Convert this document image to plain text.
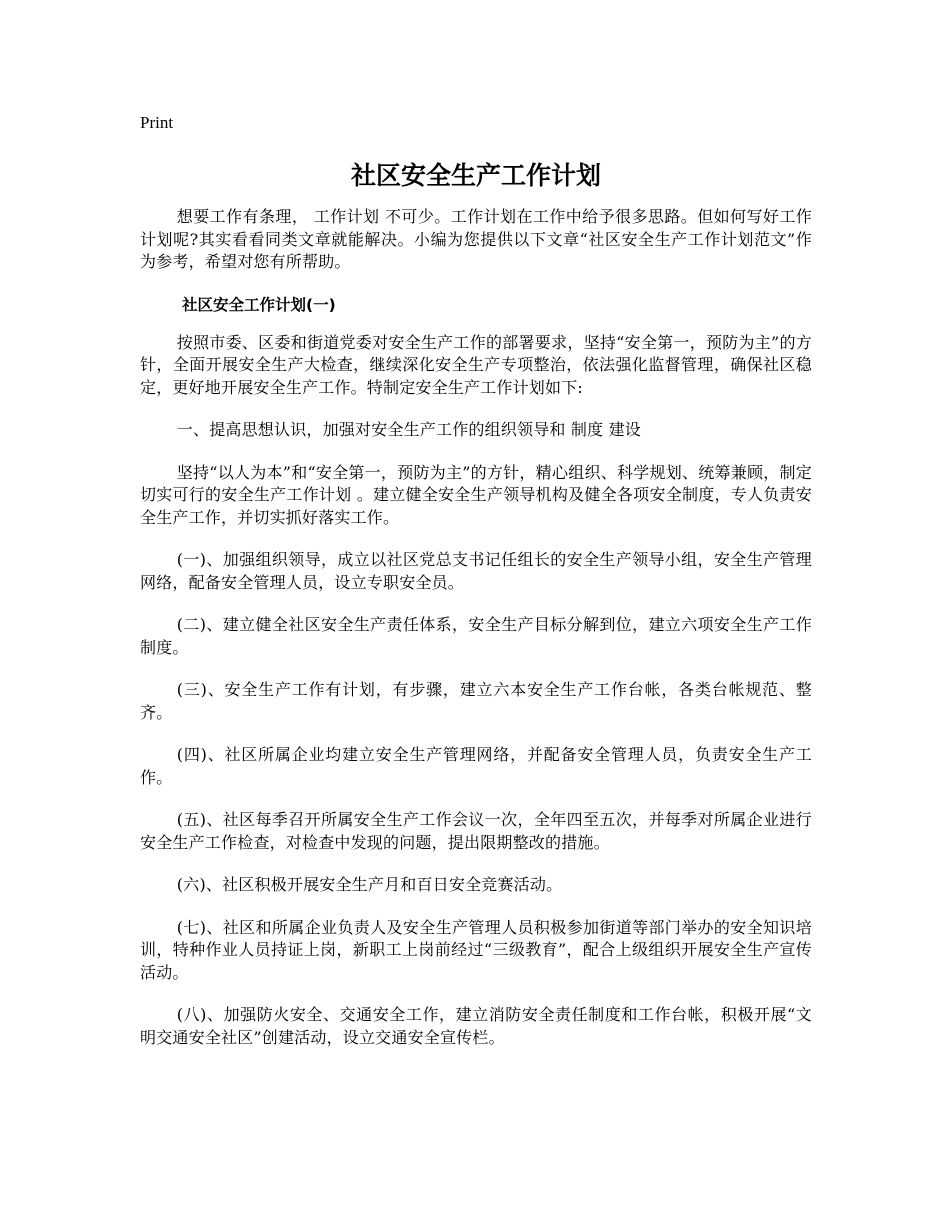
Print

社区安全生产工作计划

想要工作有条理， 工作计划 不可少。工作计划在工作中给予很多思路。但如何写好工作计划呢?其实看看同类文章就能解决。小编为您提供以下文章“社区安全生产工作计划范文”作为参考，希望对您有所帮助。

社区安全工作计划(一)

按照市委、区委和街道党委对安全生产工作的部署要求，坚持“安全第一，预防为主”的方针，全面开展安全生产大检查，继续深化安全生产专项整治，依法强化监督管理，确保社区稳定，更好地开展安全生产工作。特制定安全生产工作计划如下:

一、提高思想认识，加强对安全生产工作的组织领导和 制度 建设

坚持“以人为本”和“安全第一，预防为主”的方针，精心组织、科学规划、统筹兼顾，制定切实可行的安全生产工作计划 。建立健全安全生产领导机构及健全各项安全制度，专人负责安全生产工作，并切实抓好落实工作。

(一)、加强组织领导，成立以社区党总支书记任组长的安全生产领导小组，安全生产管理网络，配备安全管理人员，设立专职安全员。

(二)、建立健全社区安全生产责任体系，安全生产目标分解到位，建立六项安全生产工作制度。

(三)、安全生产工作有计划，有步骤，建立六本安全生产工作台帐，各类台帐规范、整齐。

(四)、社区所属企业均建立安全生产管理网络，并配备安全管理人员，负责安全生产工作。

(五)、社区每季召开所属安全生产工作会议一次，全年四至五次，并每季对所属企业进行安全生产工作检查，对检查中发现的问题，提出限期整改的措施。

(六)、社区积极开展安全生产月和百日安全竞赛活动。

(七)、社区和所属企业负责人及安全生产管理人员积极参加街道等部门举办的安全知识培训，特种作业人员持证上岗，新职工上岗前经过“三级教育”，配合上级组织开展安全生产宣传活动。

(八)、加强防火安全、交通安全工作，建立消防安全责任制度和工作台帐，积极开展“文明交通安全社区”创建活动，设立交通安全宣传栏。
